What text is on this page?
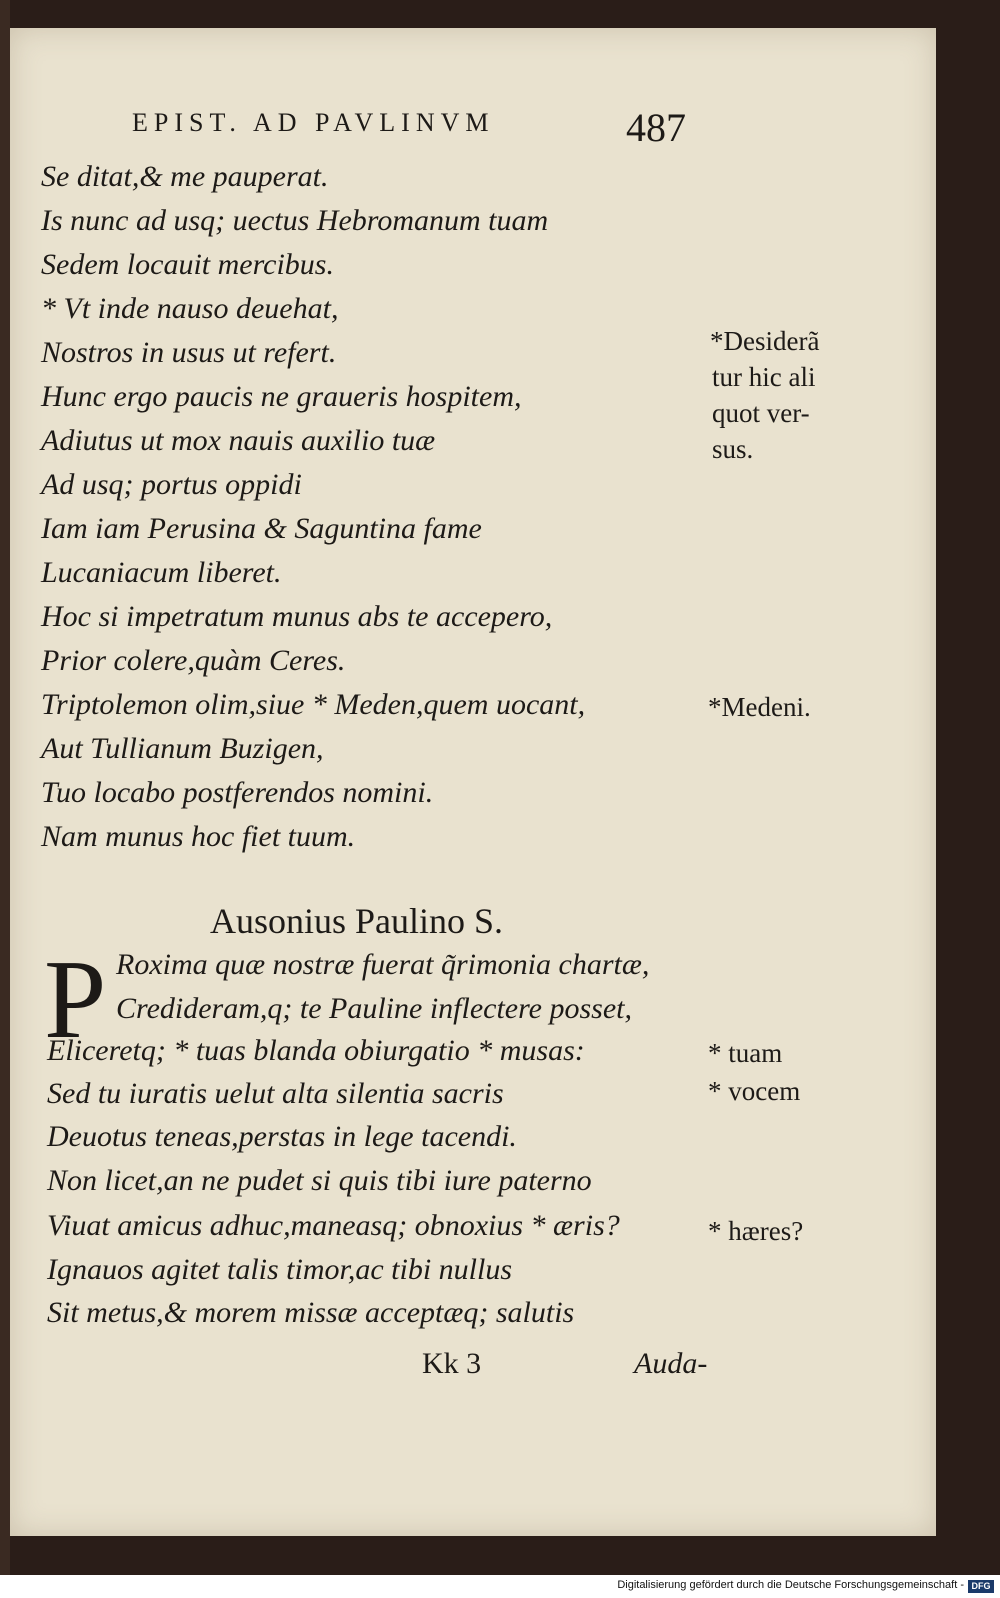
EPIST. AD PAVLINVM	487
Se ditat,& me pauperat.
Is nunc ad usq; uectus Hebromanum tuam
Sedem locauit mercibus.
* Vt inde nauso deuehat,
Nostros in usus ut refert.
Hunc ergo paucis ne graueris hospitem,
Adiutus ut mox nauis auxilio tuæ
Ad usq; portus oppidi
Iam iam Perusina & Saguntina fame
Lucaniacum liberet.
Hoc si impetratum munus abs te accepero,
Prior colere,quàm Ceres.
Triptolemon olim,siue * Meden,quem uocant,
Aut Tullianum Buzigen,
Tuo locabo postferendos nomini.
Nam munus hoc fiet tuum.
*Desiderã
tur hic ali
quot ver-
sus.
*Medeni.
Ausonius Paulino S.
P Roxima quæ nostræ fuerat q̃rimonia chartæ,
Credideram,q; te Pauline inflectere posset,
Eliceretq; * tuas blanda obiurgatio * musas:
Sed tu iuratis uelut alta silentia sacris
Deuotus teneas,perstas in lege tacendi.
Non licet,an ne pudet si quis tibi iure paterno
Viuat amicus adhuc,maneasq; obnoxius * æris?
Ignauos agitet talis timor,ac tibi nullus
Sit metus,& morem missæ acceptæq; salutis
* tuam
* vocem
* hæres?
Kk 3	Auda-
Digitalisierung gefördert durch die Deutsche Forschungsgemeinschaft - DFG
